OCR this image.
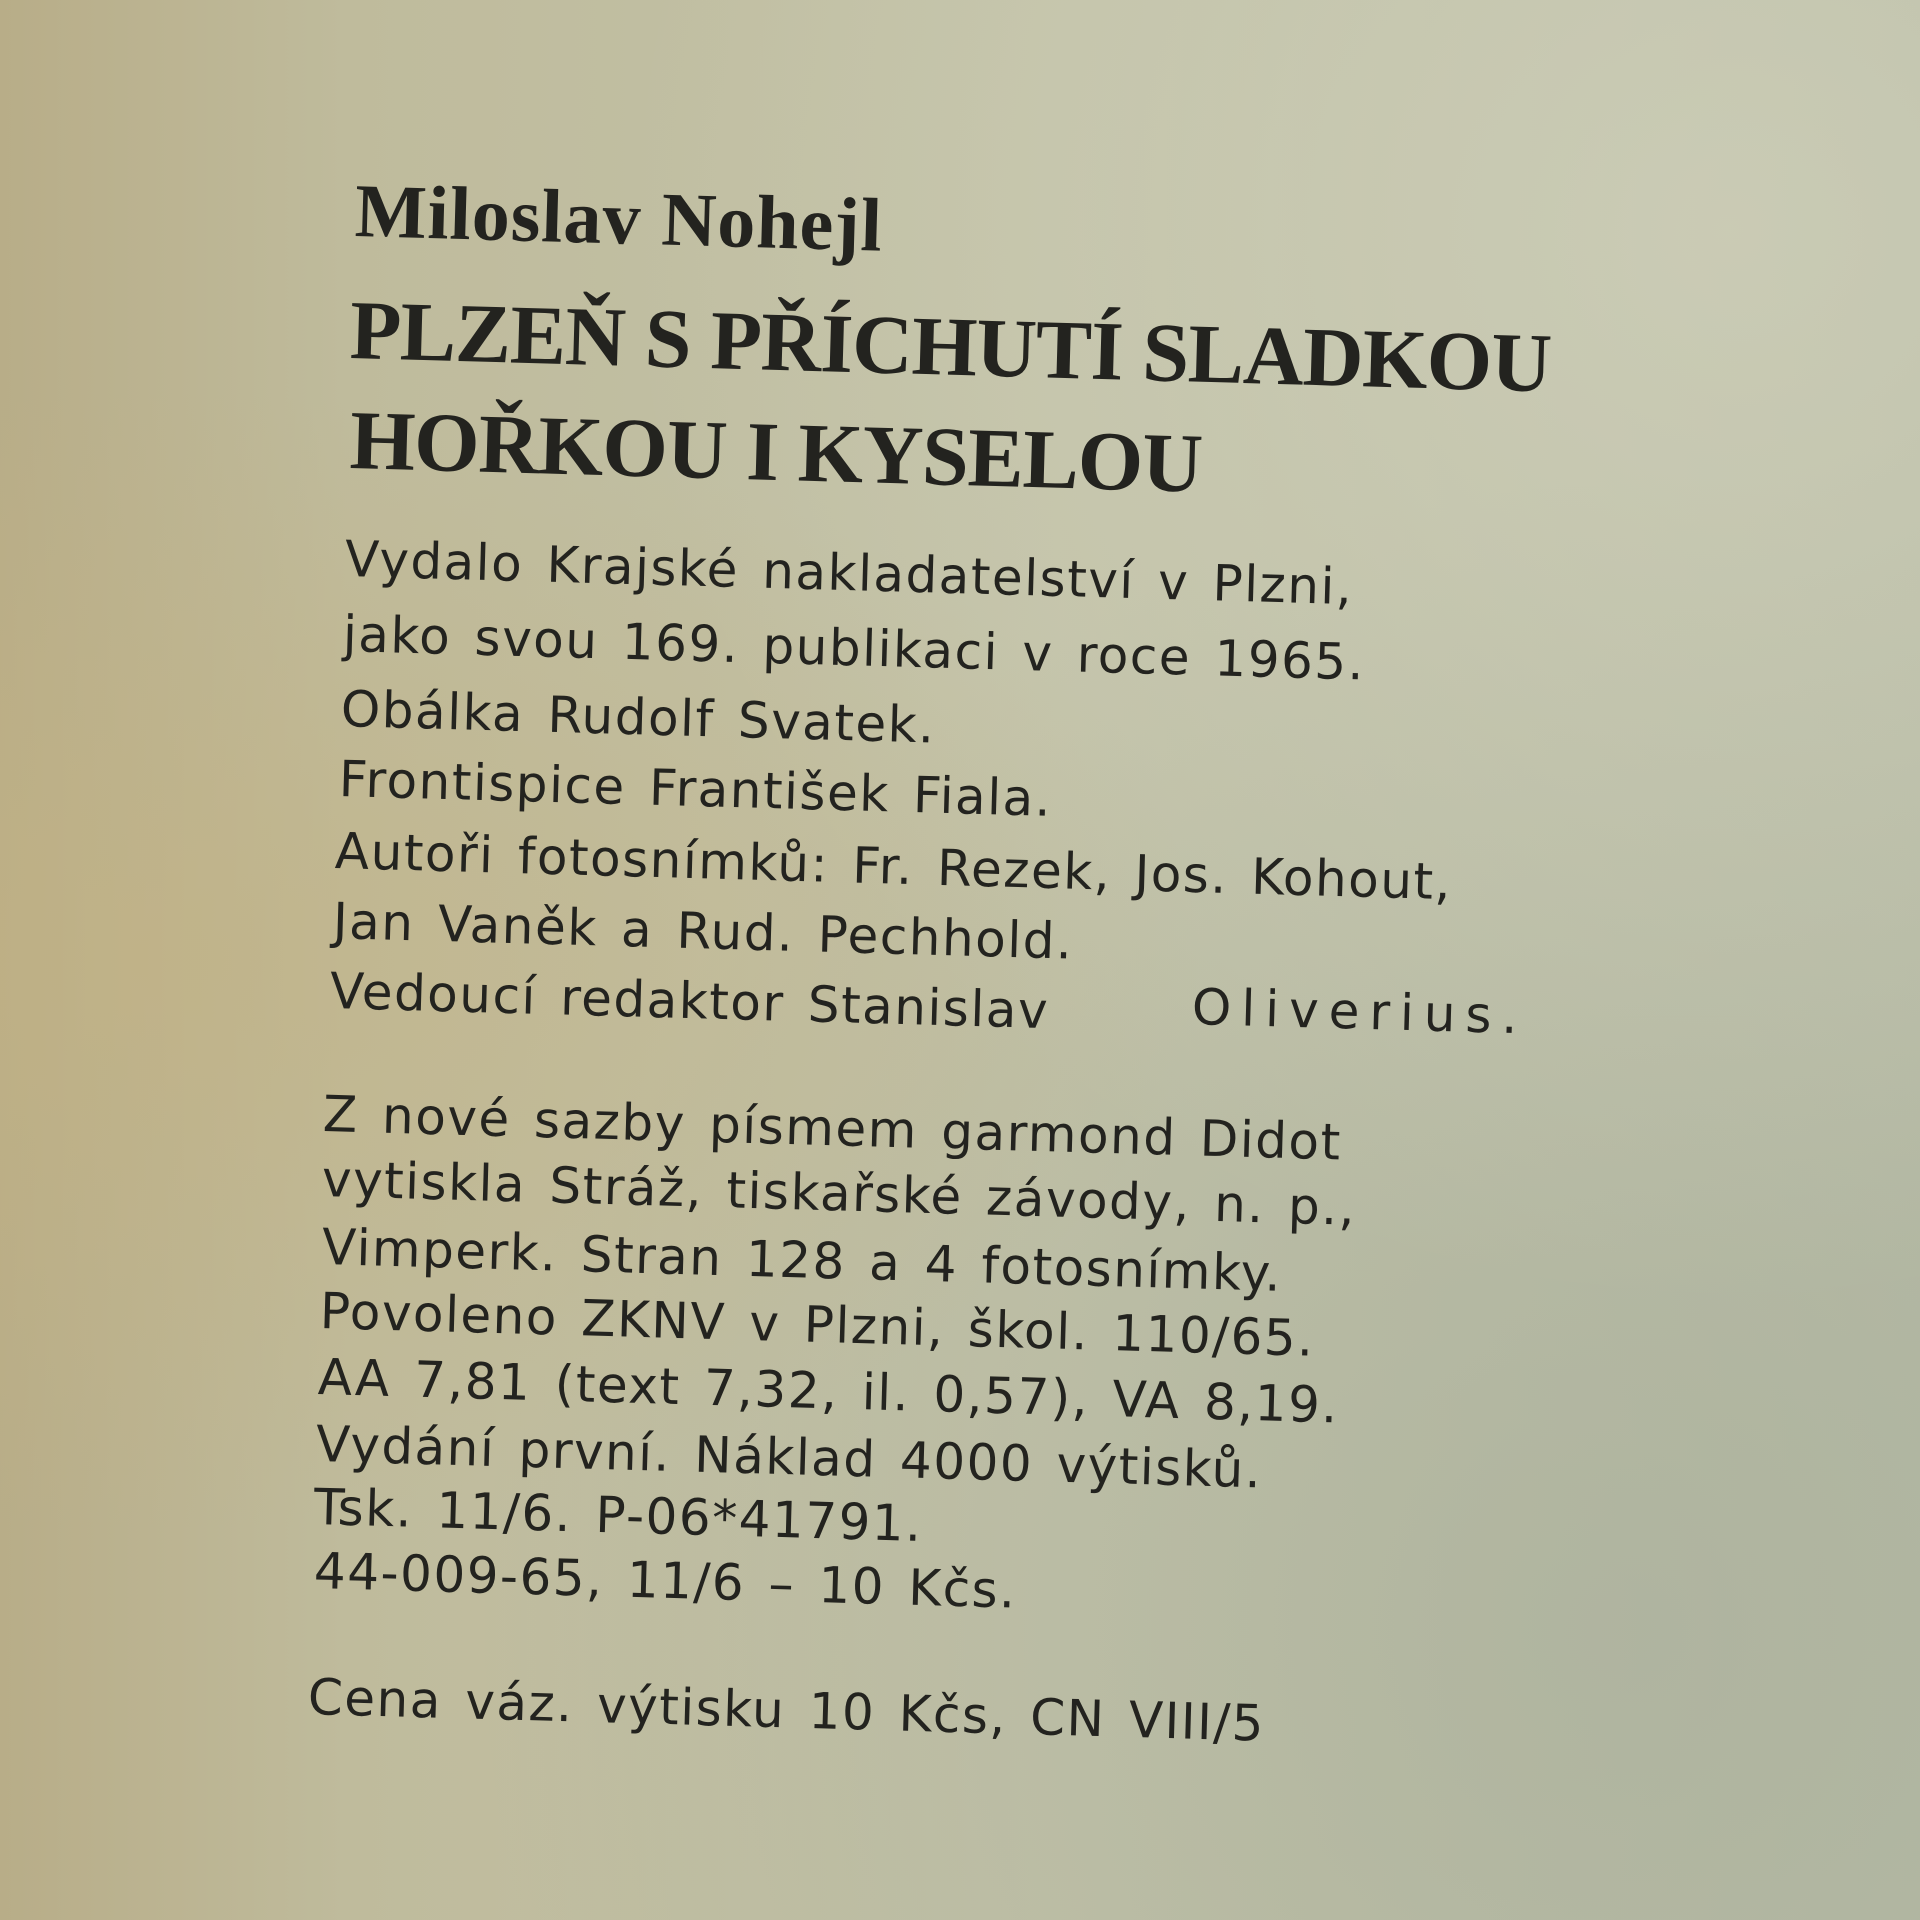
Miloslav Nohejl
PLZEŇ S PŘÍCHUTÍ SLADKOU
HOŘKOU I KYSELOU
Vydalo Krajské nakladatelství v Plzni,
jako svou 169. publikaci v roce 1965.
Obálka Rudolf Svatek.
Frontispice František Fiala.
Autoři fotosnímků: Fr. Rezek, Jos. Kohout,
Jan Vaněk a Rud. Pechhold.
Vedoucí redaktor Stanislav	Oliverius.
Z nové sazby písmem garmond Didot
vytiskla Stráž, tiskařské závody, n. p.,
Vimperk. Stran 128 a 4 fotosnímky.
Povoleno ZKNV v Plzni, škol. 110/65.
AA 7,81 (text 7,32, il. 0,57), VA 8,19.
Vydání první. Náklad 4000 výtisků.
Tsk. 11/6. P-06*41791.
44-009-65, 11/6 – 10 Kčs.
Cena váz. výtisku 10 Kčs, CN VIII/5
